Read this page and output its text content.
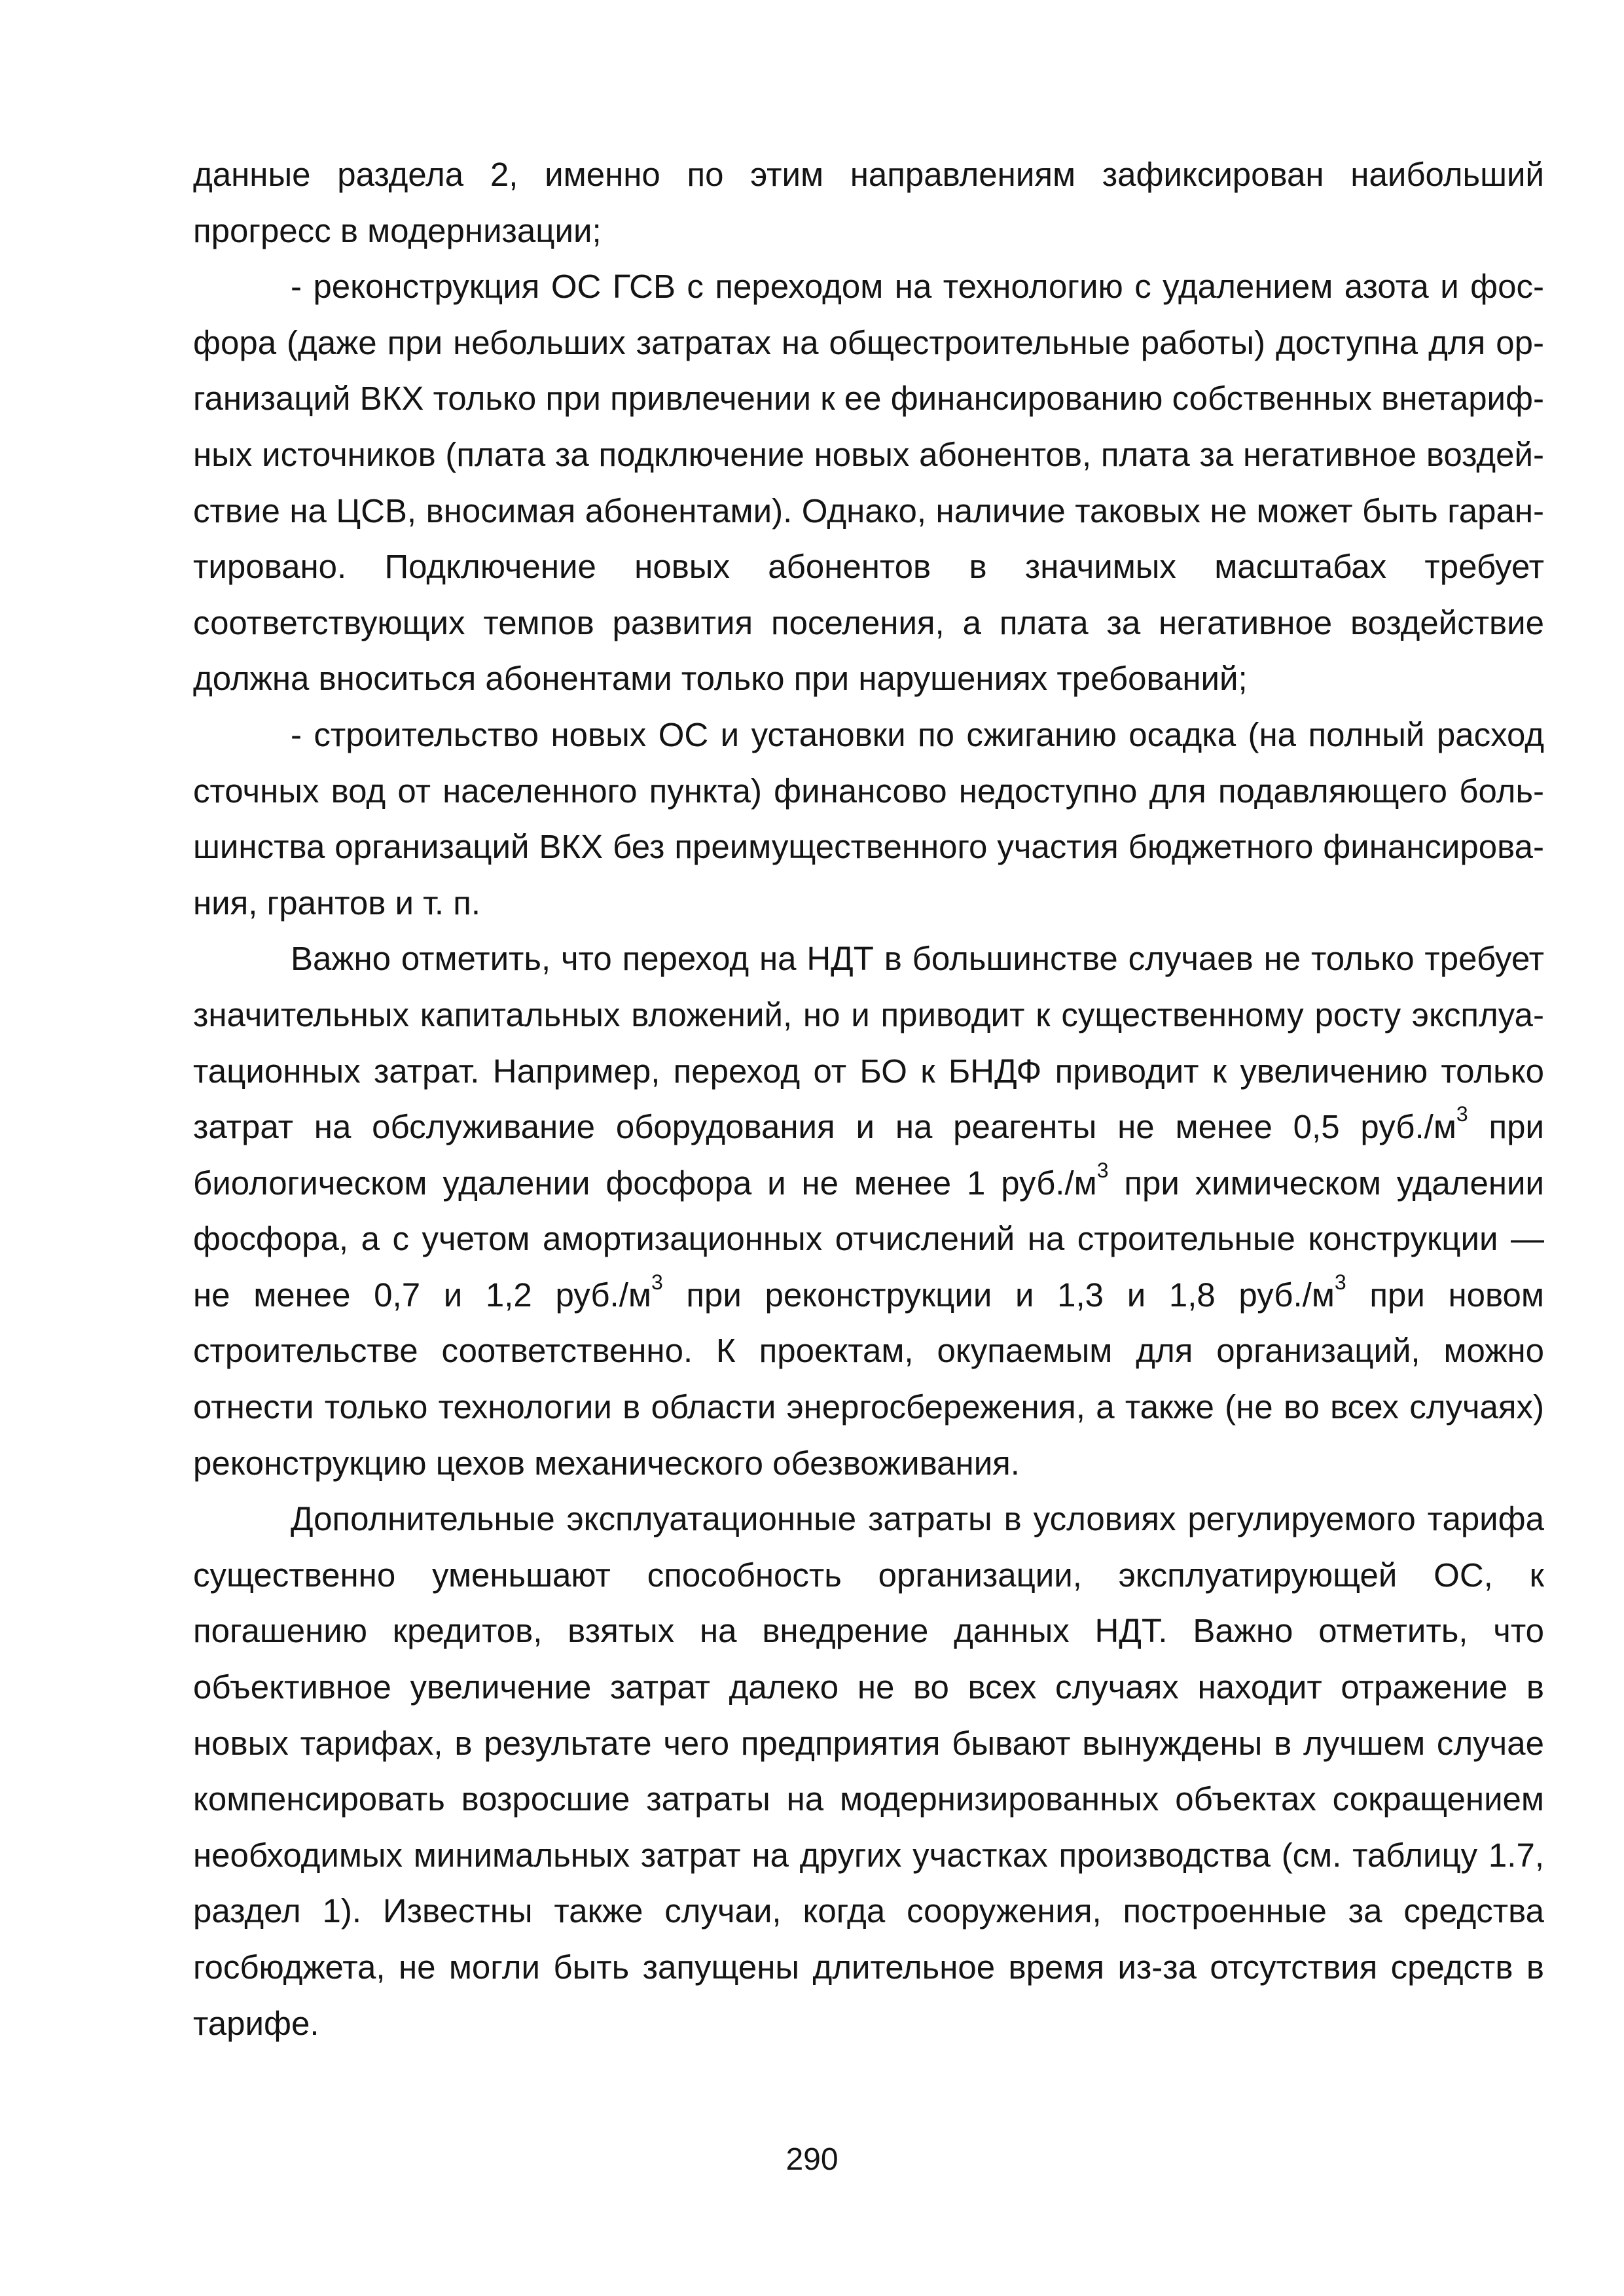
данные раздела 2, именно по этим направлениям зафиксирован наибольший прогресс в модернизации;

- реконструкция ОС ГСВ с переходом на технологию с удалением азота и фосфора (даже при небольших затратах на общестроительные работы) доступна для организаций ВКХ только при привлечении к ее финансированию собственных внетарифных источников (плата за подключение новых абонентов, плата за негативное воздействие на ЦСВ, вносимая абонентами). Однако, наличие таковых не может быть гарантировано. Подключение новых абонентов в значимых масштабах требует соответствующих темпов развития поселения, а плата за негативное воздействие должна вноситься абонентами только при нарушениях требований;

- строительство новых ОС и установки по сжиганию осадка (на полный расход сточных вод от населенного пункта) финансово недоступно для подавляющего большинства организаций ВКХ без преимущественного участия бюджетного финансирования, грантов и т. п.

Важно отметить, что переход на НДТ в большинстве случаев не только требует значительных капитальных вложений, но и приводит к существенному росту эксплуатационных затрат. Например, переход от БО к БНДФ приводит к увеличению только затрат на обслуживание оборудования и на реагенты не менее 0,5 $руб./м^3$ при биологическом удалении фосфора и не менее 1 $руб./м^3$ при химическом удалении фосфора, а с учетом амортизационных отчислений на строительные конструкции — не менее 0,7 и 1,2 $руб./м^3$ при реконструкции и 1,3 и 1,8 $руб./м^3$ при новом строительстве соответственно. К проектам, окупаемым для организаций, можно отнести только технологии в области энергосбережения, а также (не во всех случаях) реконструкцию цехов механического обезвоживания.

Дополнительные эксплуатационные затраты в условиях регулируемого тарифа существенно уменьшают способность организации, эксплуатирующей ОС, к погашению кредитов, взятых на внедрение данных НДТ. Важно отметить, что объективное увеличение затрат далеко не во всех случаях находит отражение в новых тарифах, в результате чего предприятия бывают вынуждены в лучшем случае компенсировать возросшие затраты на модернизированных объектах сокращением необходимых минимальных затрат на других участках производства (см. таблицу 1.7, раздел 1). Известны также случаи, когда сооружения, построенные за средства госбюджета, не могли быть запущены длительное время из-за отсутствия средств в тарифе.

290
